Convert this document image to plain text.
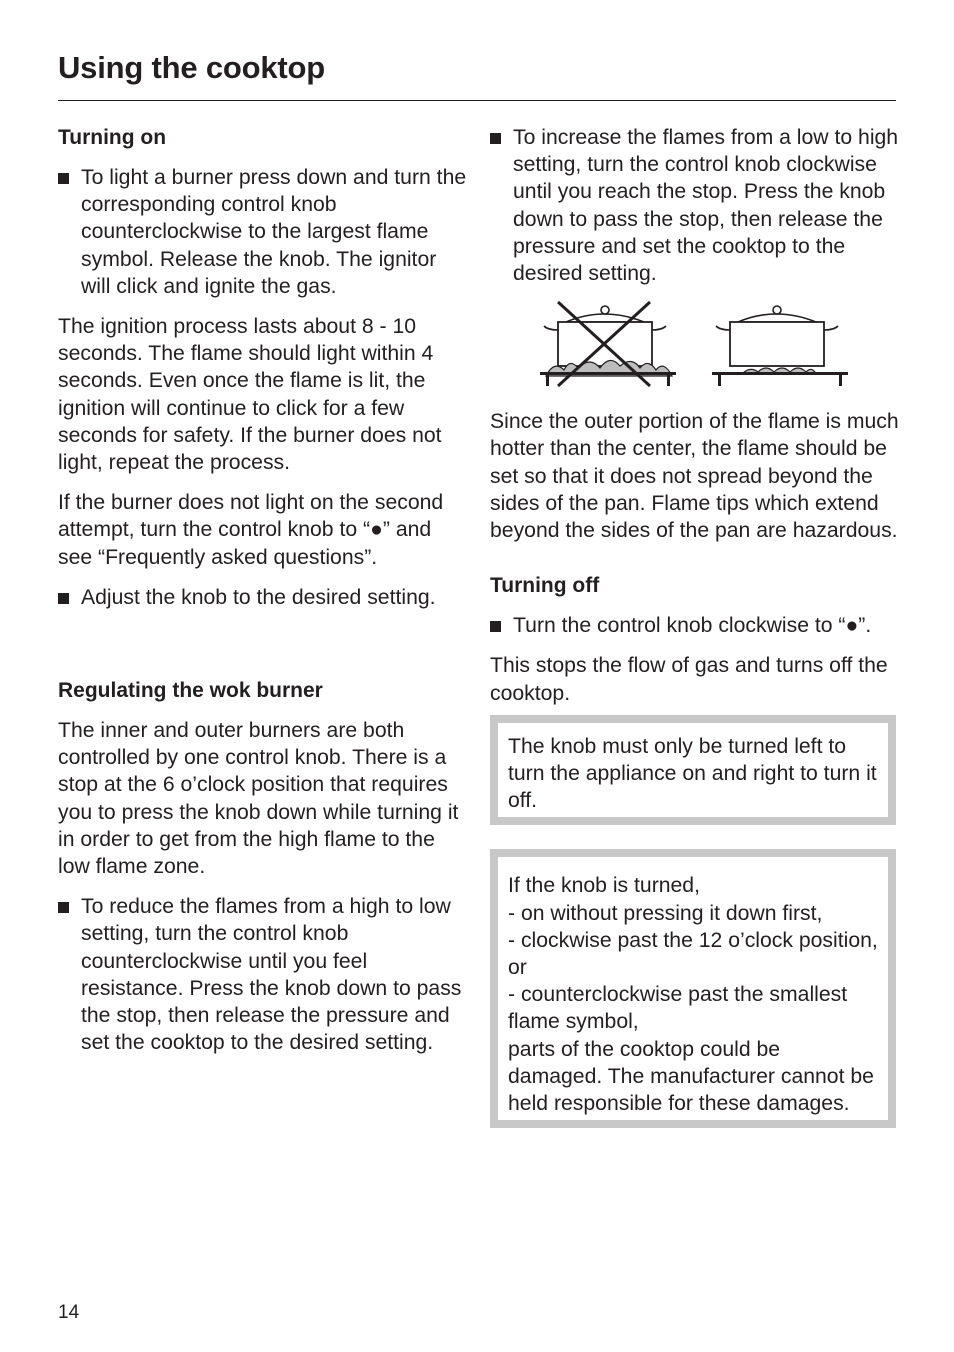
Using the cooktop
Turning on
To light a burner press down and turn the corresponding control knob counterclockwise to the largest flame symbol. Release the knob. The ignitor will click and ignite the gas.

The ignition process lasts about 8 - 10 seconds. The flame should light within 4 seconds. Even once the flame is lit, the ignition will continue to click for a few seconds for safety. If the burner does not light, repeat the process.

If the burner does not light on the second attempt, turn the control knob to “●” and see “Frequently asked questions”.

Adjust the knob to the desired setting.
Regulating the wok burner

The inner and outer burners are both controlled by one control knob. There is a stop at the 6 o’clock position that requires you to press the knob down while turning it in order to get from the high flame to the low flame zone.

To reduce the flames from a high to low setting, turn the control knob counterclockwise until you feel resistance. Press the knob down to pass the stop, then release the pressure and set the cooktop to the desired setting.
To increase the flames from a low to high setting, turn the control knob clockwise until you reach the stop. Press the knob down to pass the stop, then release the pressure and set the cooktop to the desired setting.

Since the outer portion of the flame is much hotter than the center, the flame should be set so that it does not spread beyond the sides of the pan. Flame tips which extend beyond the sides of the pan are hazardous.

Turning off
Turn the control knob clockwise to “●”.

This stops the flow of gas and turns off the cooktop.

The knob must only be turned left to turn the appliance on and right to turn it off.
If the knob is turned,
- on without pressing it down first,
- clockwise past the 12 o’clock position, or
- counterclockwise past the smallest flame symbol,
parts of the cooktop could be damaged. The manufacturer cannot be held responsible for these damages.
14
